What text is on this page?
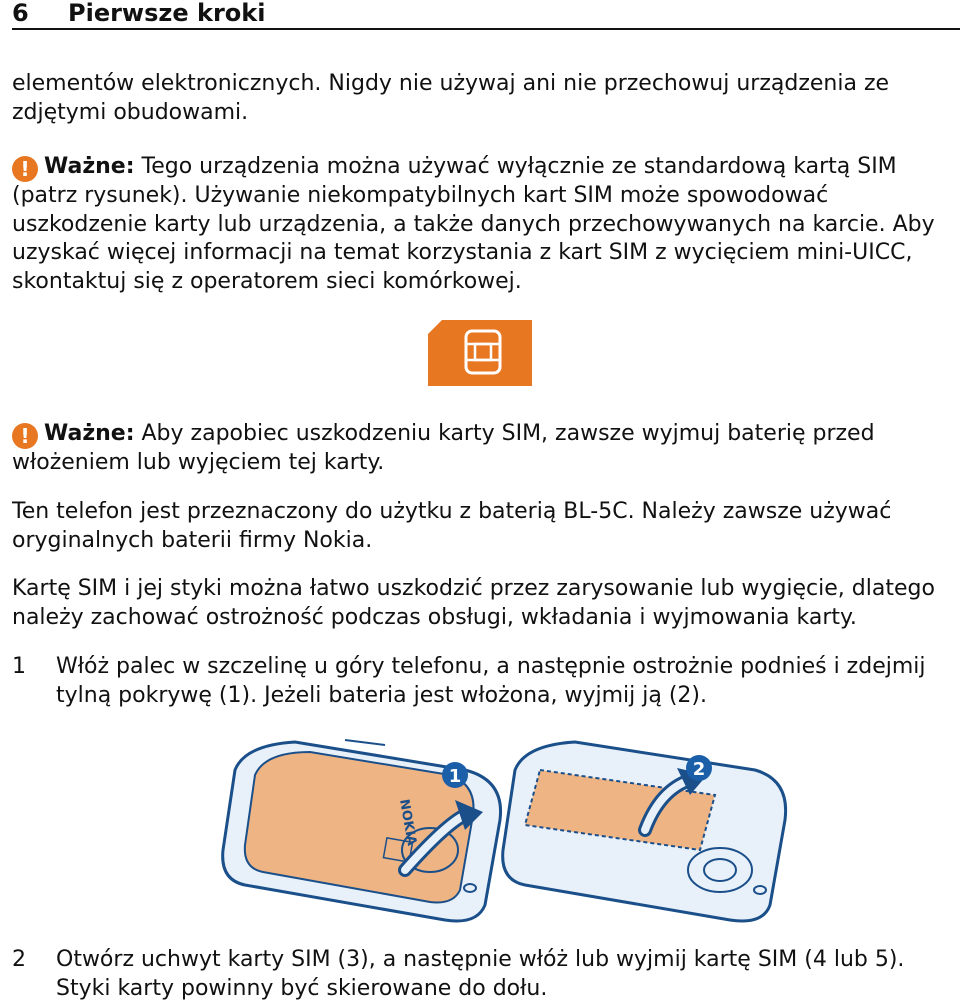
6 Pierwsze kroki

elementów elektronicznych. Nigdy nie używaj ani nie przechowuj urządzenia ze zdjętymi obudowami.

! Ważne: Tego urządzenia można używać wyłącznie ze standardową kartą SIM (patrz rysunek). Używanie niekompatybilnych kart SIM może spowodować uszkodzenie karty lub urządzenia, a także danych przechowywanych na karcie. Aby uzyskać więcej informacji na temat korzystania z kart SIM z wycięciem mini-UICC, skontaktuj się z operatorem sieci komórkowej.

! Ważne: Aby zapobiec uszkodzeniu karty SIM, zawsze wyjmuj baterię przed włożeniem lub wyjęciem tej karty.

Ten telefon jest przeznaczony do użytku z baterią BL-5C. Należy zawsze używać oryginalnych baterii firmy Nokia.

Kartę SIM i jej styki można łatwo uszkodzić przez zarysowanie lub wygięcie, dlatego należy zachować ostrożność podczas obsługi, wkładania i wyjmowania karty.

1	Włóż palec w szczelinę u góry telefonu, a następnie ostrożnie podnieś i zdejmij tylną pokrywę (1). Jeżeli bateria jest włożona, wyjmij ją (2).
NOKIA
1	2
2	Otwórz uchwyt karty SIM (3), a następnie włóż lub wyjmij kartę SIM (4 lub 5). Styki karty powinny być skierowane do dołu.
